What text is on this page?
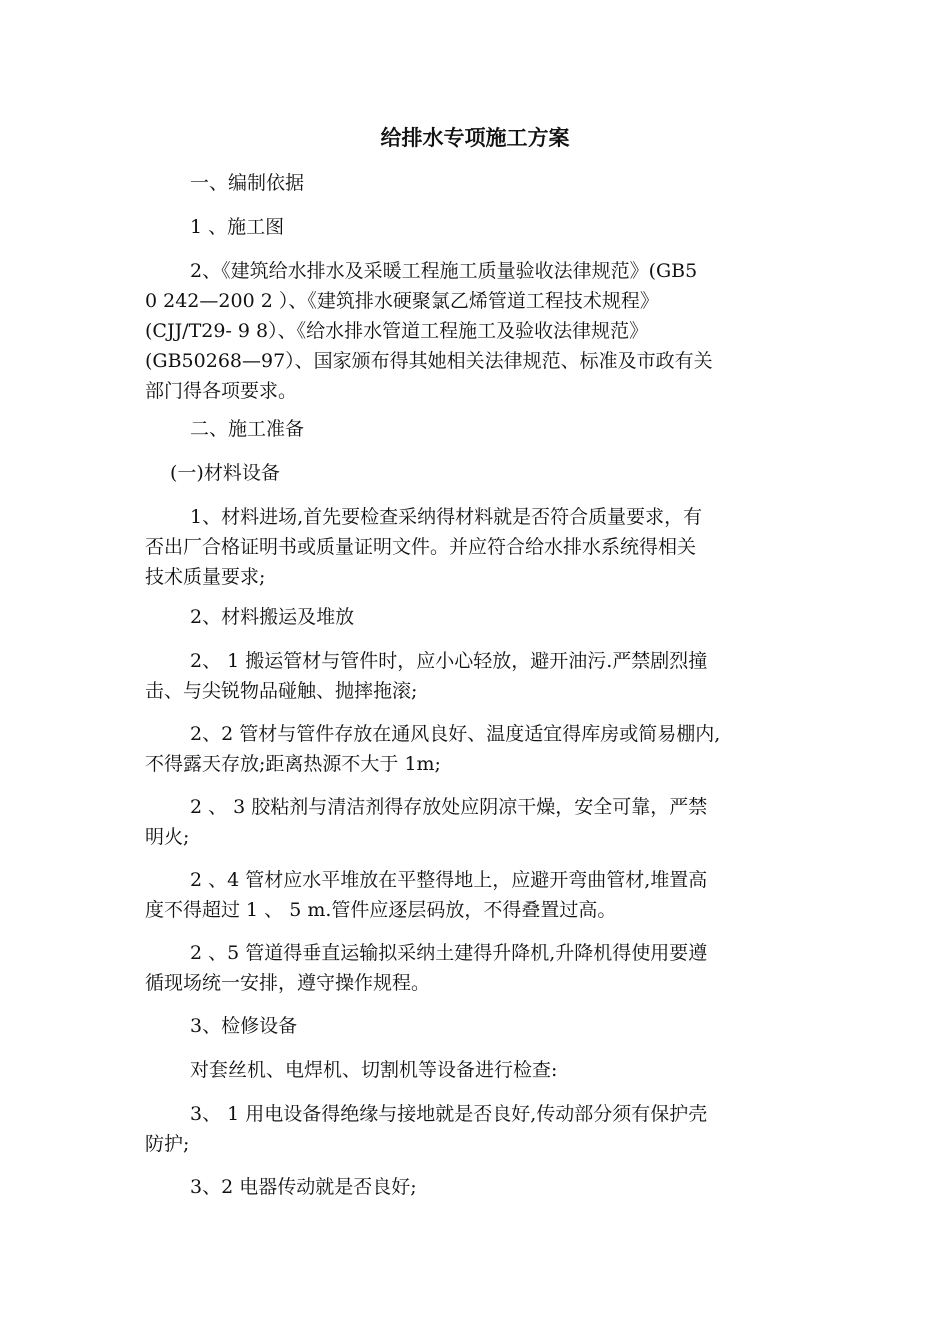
给排水专项施工方案
一、编制依据
1 、施工图
2、《建筑给水排水及采暖工程施工质量验收法律规范》(GB5
0 242—200 2 ）、《建筑排水硬聚氯乙烯管道工程技术规程》
(CJJ/T29- 9 8）、《给水排水管道工程施工及验收法律规范》
(GB50268—97）、国家颁布得其她相关法律规范、标准及市政有关
部门得各项要求。
二、施工准备
(一)材料设备
1、材料进场,首先要检查采纳得材料就是否符合质量要求，有
否出厂合格证明书或质量证明文件。并应符合给水排水系统得相关
技术质量要求;
2、材料搬运及堆放
2、 1 搬运管材与管件时，应小心轻放，避开油污.严禁剧烈撞
击、与尖锐物品碰触、抛摔拖滚;
2、2 管材与管件存放在通风良好、温度适宜得库房或简易棚内,
不得露天存放;距离热源不大于 1m;
2 、 3 胶粘剂与清洁剂得存放处应阴凉干燥，安全可靠，严禁
明火;
2 、4 管材应水平堆放在平整得地上，应避开弯曲管材,堆置高
度不得超过 1 、 5 m.管件应逐层码放，不得叠置过高。
2 、5 管道得垂直运输拟采纳土建得升降机,升降机得使用要遵
循现场统一安排，遵守操作规程。
3、检修设备
对套丝机、电焊机、切割机等设备进行检查:
3、 1 用电设备得绝缘与接地就是否良好,传动部分须有保护壳
防护;
3、2 电器传动就是否良好;
